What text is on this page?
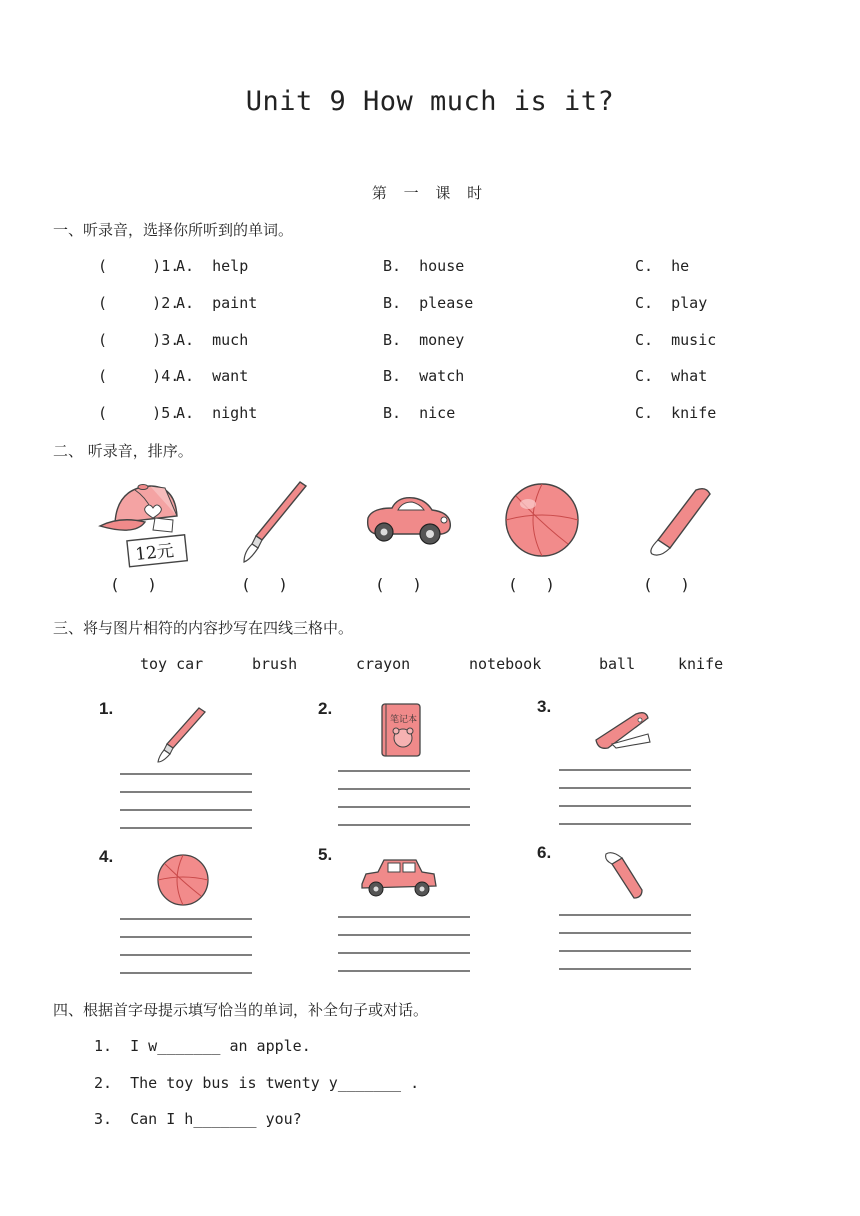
Unit 9 How much is it?
第 一 课 时
一、听录音，选择你所听到的单词。
(     )1.
A.  help	B.  house	C.  he
(     )2.
A.  paint	B.  please	C.  play
(     )3.
A.  much	B.  money	C.  music
(     )4.
A.  want	B.  watch	C.  what
(     )5.
A.  night	B.  nice	C.  knife
二、 听录音，排序。
12元
(      )	(      )	(      )	(      )	(      )
三、将与图片相符的内容抄写在四线三格中。
toy car	brush	crayon	notebook	ball	knife
1.	2.	3.
4.	5.	6.
笔记本
四、根据首字母提示填写恰当的单词，补全句子或对话。
1.  I w_______ an apple.
2.  The toy bus is twenty y_______ .
3.  Can I h_______ you?
